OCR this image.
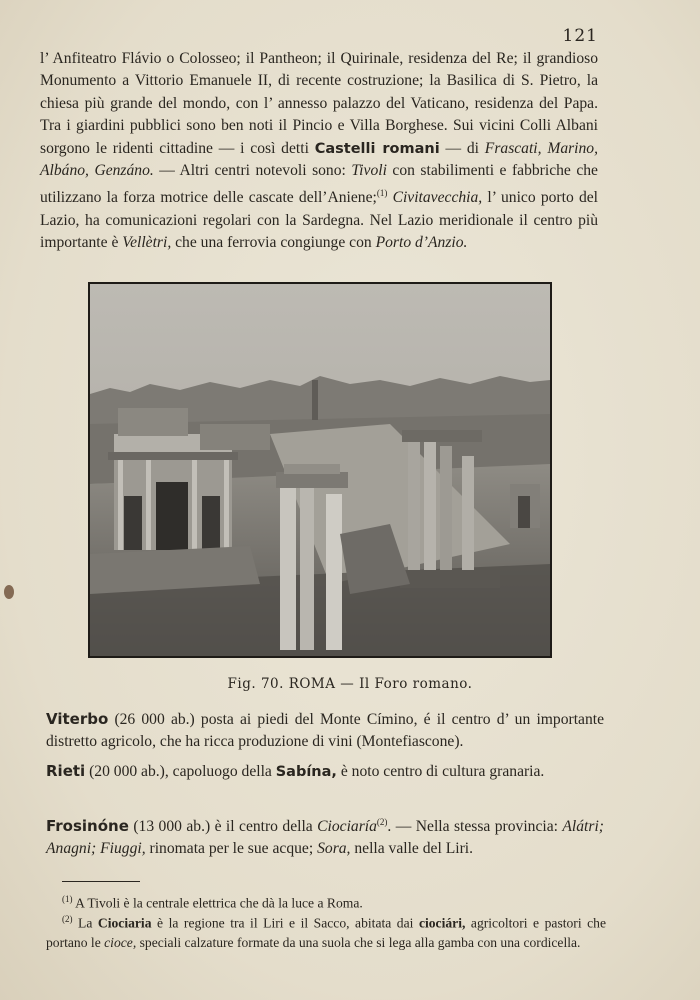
121

l’ Anfiteatro Flávio o Colosseo; il Pantheon; il Quirinale, residenza del Re; il grandioso Monumento a Vittorio Emanuele II, di recente costruzione; la Basilica di S. Pietro, la chiesa più grande del mondo, con l’ annesso palazzo del Vaticano, residenza del Papa. Tra i giardini pubblici sono ben noti il Pincio e Villa Borghese. Sui vicini Colli Albani sorgono le ridenti cittadine — i così detti Castelli romani — di Frascati, Marino, Albáno, Genzáno. — Altri centri notevoli sono: Tivoli con stabilimenti e fabbriche che utilizzano la forza motrice delle cascate dell’Aniene;$^{(1)}$ Civitavecchia, l’ unico porto del Lazio, ha comunicazioni regolari con la Sardegna. Nel Lazio meridionale il centro più importante è Vellètri, che una ferrovia congiunge con Porto d’Anzio.

Fig. 70. ROMA — Il Foro romano.

Viterbo (26 000 ab.) posta ai piedi del Monte Címino, é il centro d’ un importante distretto agricolo, che ha ricca produzione di vini (Montefiascone).

Rieti (20 000 ab.), capoluogo della Sabína, è noto centro di cultura granaria.

Frosinóne (13 000 ab.) è il centro della Ciociaría$^{(2)}$. — Nella stessa provincia: Alátri; Anagni; Fiuggi, rinomata per le sue acque; Sora, nella valle del Liri.

$^{(1)}$ A Tivoli è la centrale elettrica che dà la luce a Roma.

$^{(2)}$ La Ciociaria è la regione tra il Liri e il Sacco, abitata dai ciociári, agricoltori e pastori che portano le cioce, speciali calzature formate da una suola che si lega alla gamba con una cordicella.
